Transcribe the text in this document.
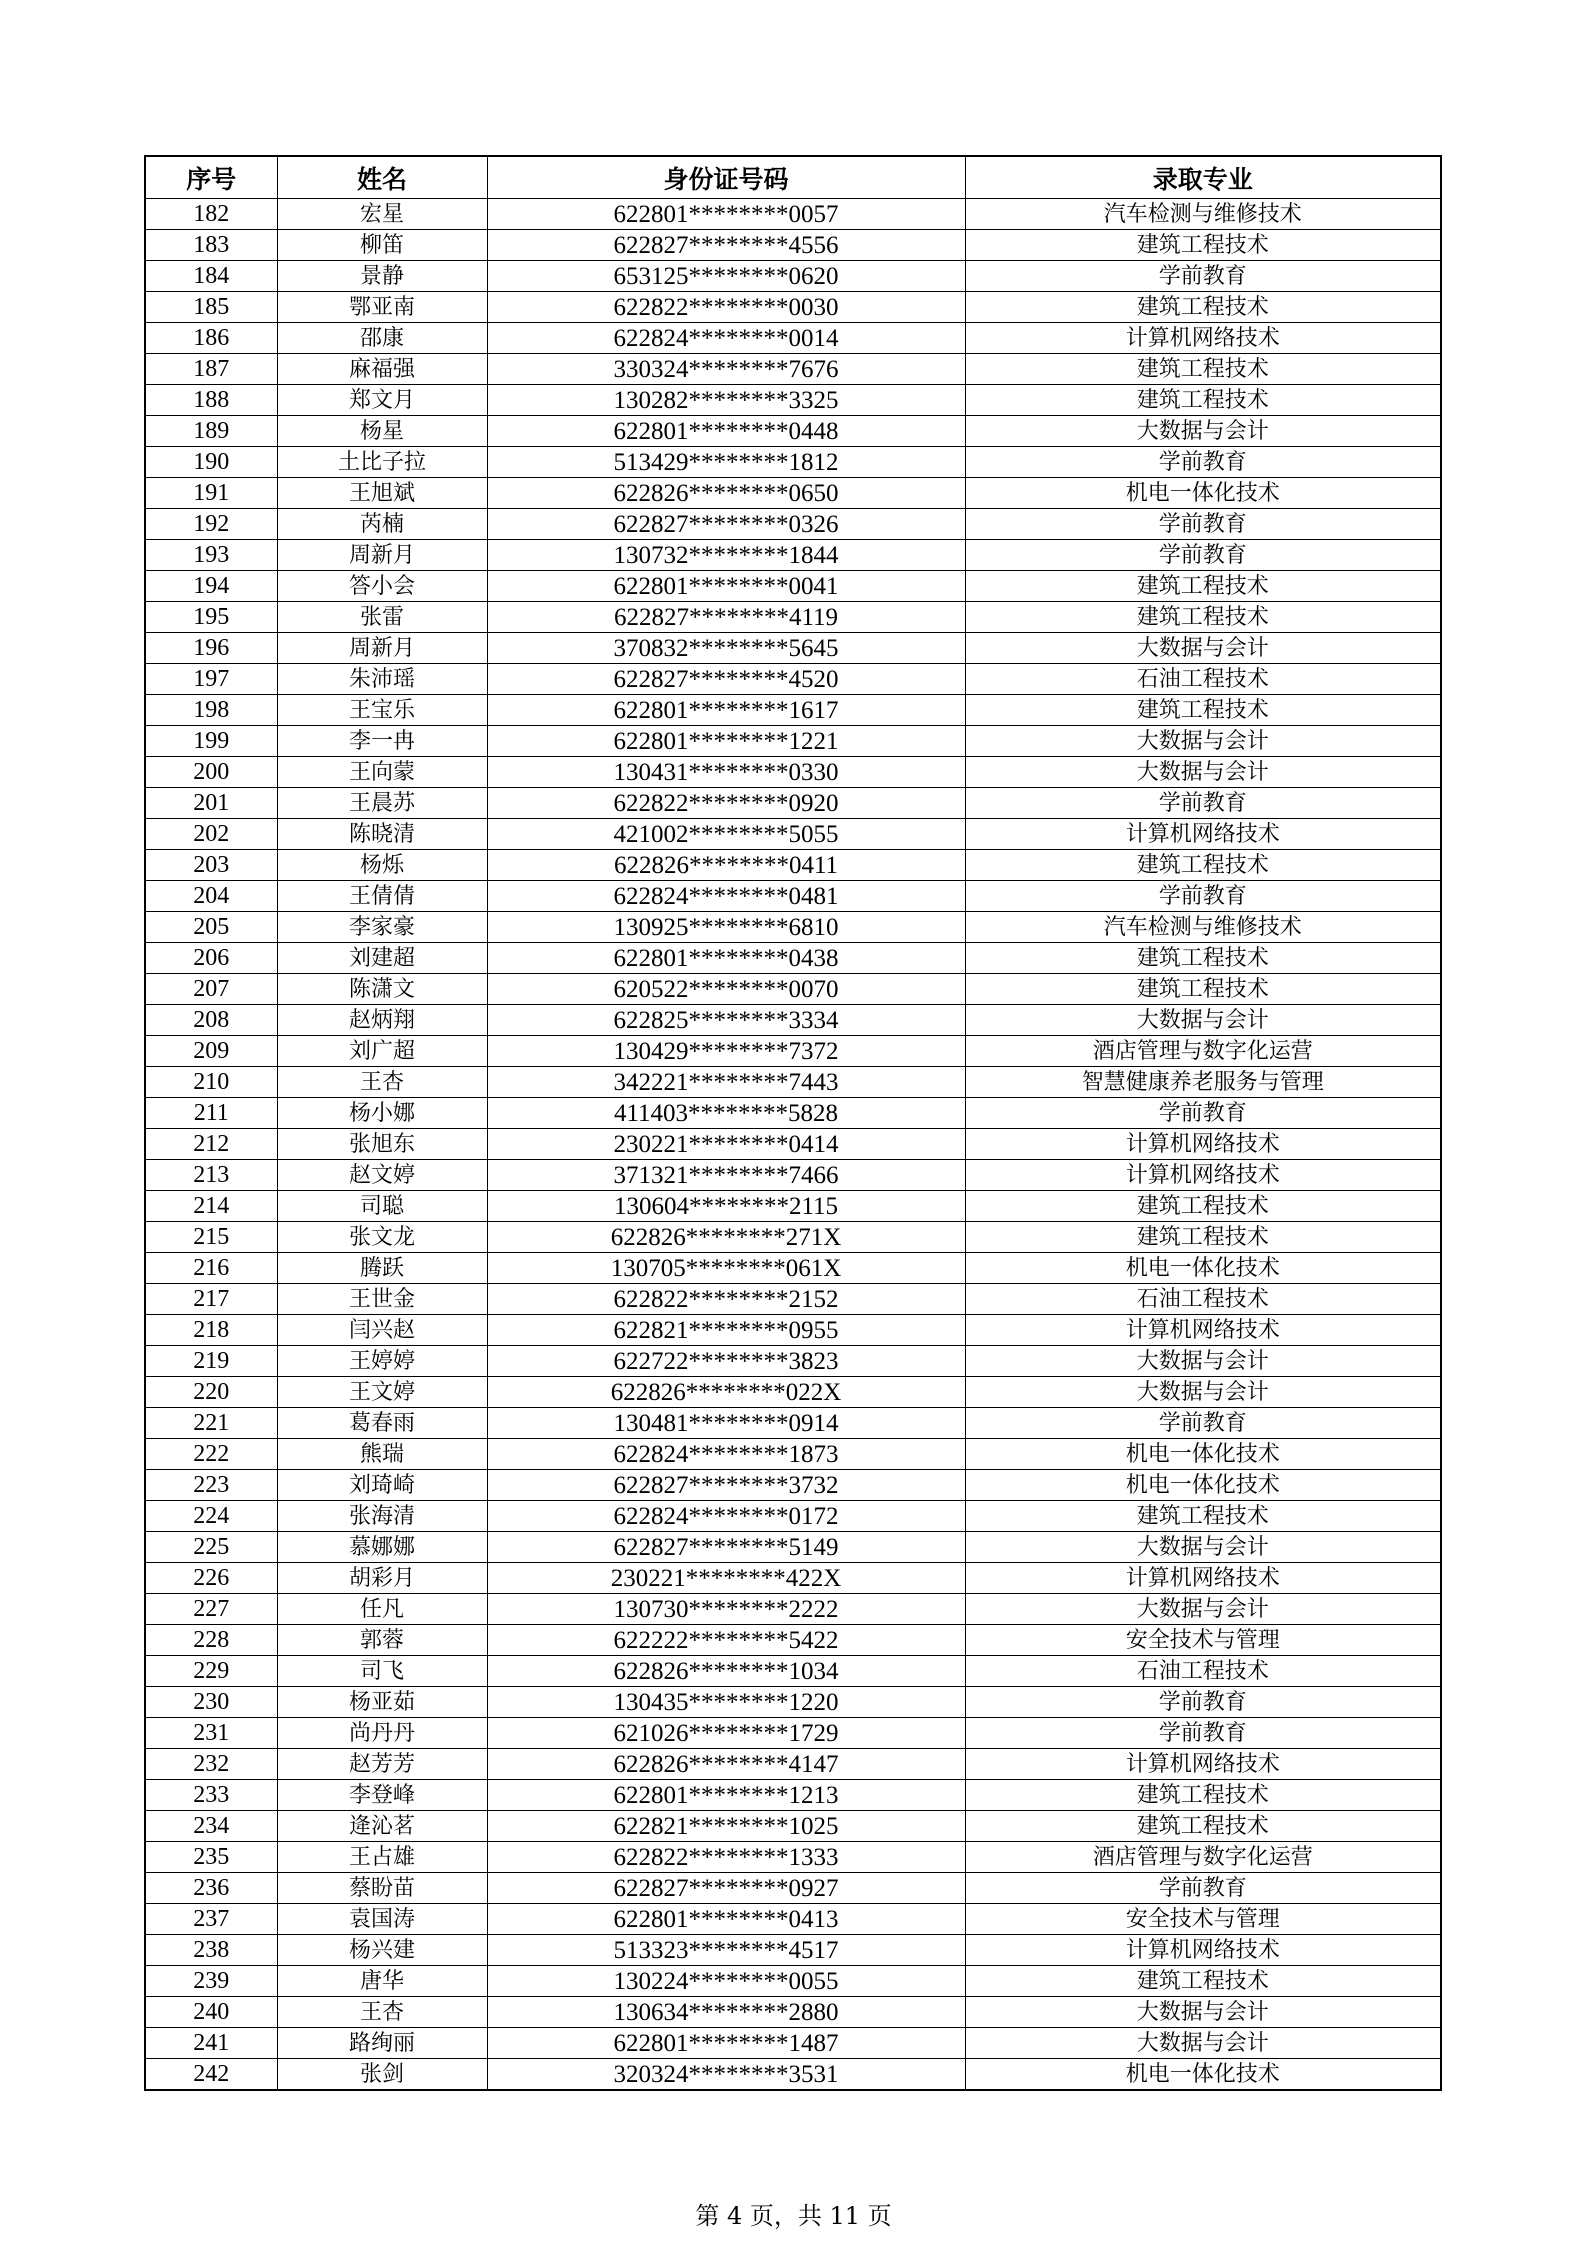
序号	姓名	身份证号码	录取专业
182	宏星	622801********0057	汽车检测与维修技术
183	柳笛	622827********4556	建筑工程技术
184	景静	653125********0620	学前教育
185	鄂亚南	622822********0030	建筑工程技术
186	邵康	622824********0014	计算机网络技术
187	麻福强	330324********7676	建筑工程技术
188	郑文月	130282********3325	建筑工程技术
189	杨星	622801********0448	大数据与会计
190	土比子拉	513429********1812	学前教育
191	王旭斌	622826********0650	机电一体化技术
192	芮楠	622827********0326	学前教育
193	周新月	130732********1844	学前教育
194	答小会	622801********0041	建筑工程技术
195	张雷	622827********4119	建筑工程技术
196	周新月	370832********5645	大数据与会计
197	朱沛瑶	622827********4520	石油工程技术
198	王宝乐	622801********1617	建筑工程技术
199	李一冉	622801********1221	大数据与会计
200	王向蒙	130431********0330	大数据与会计
201	王晨苏	622822********0920	学前教育
202	陈晓清	421002********5055	计算机网络技术
203	杨烁	622826********0411	建筑工程技术
204	王倩倩	622824********0481	学前教育
205	李家豪	130925********6810	汽车检测与维修技术
206	刘建超	622801********0438	建筑工程技术
207	陈潇文	620522********0070	建筑工程技术
208	赵炳翔	622825********3334	大数据与会计
209	刘广超	130429********7372	酒店管理与数字化运营
210	王杏	342221********7443	智慧健康养老服务与管理
211	杨小娜	411403********5828	学前教育
212	张旭东	230221********0414	计算机网络技术
213	赵文婷	371321********7466	计算机网络技术
214	司聪	130604********2115	建筑工程技术
215	张文龙	622826********271X	建筑工程技术
216	腾跃	130705********061X	机电一体化技术
217	王世金	622822********2152	石油工程技术
218	闫兴赵	622821********0955	计算机网络技术
219	王婷婷	622722********3823	大数据与会计
220	王文婷	622826********022X	大数据与会计
221	葛春雨	130481********0914	学前教育
222	熊瑞	622824********1873	机电一体化技术
223	刘琦崎	622827********3732	机电一体化技术
224	张海清	622824********0172	建筑工程技术
225	慕娜娜	622827********5149	大数据与会计
226	胡彩月	230221********422X	计算机网络技术
227	任凡	130730********2222	大数据与会计
228	郭蓉	622222********5422	安全技术与管理
229	司飞	622826********1034	石油工程技术
230	杨亚茹	130435********1220	学前教育
231	尚丹丹	621026********1729	学前教育
232	赵芳芳	622826********4147	计算机网络技术
233	李登峰	622801********1213	建筑工程技术
234	逄沁茗	622821********1025	建筑工程技术
235	王占雄	622822********1333	酒店管理与数字化运营
236	蔡盼苗	622827********0927	学前教育
237	袁国涛	622801********0413	安全技术与管理
238	杨兴建	513323********4517	计算机网络技术
239	唐华	130224********0055	建筑工程技术
240	王杏	130634********2880	大数据与会计
241	路绚丽	622801********1487	大数据与会计
242	张剑	320324********3531	机电一体化技术
第 4 页，共 11 页
